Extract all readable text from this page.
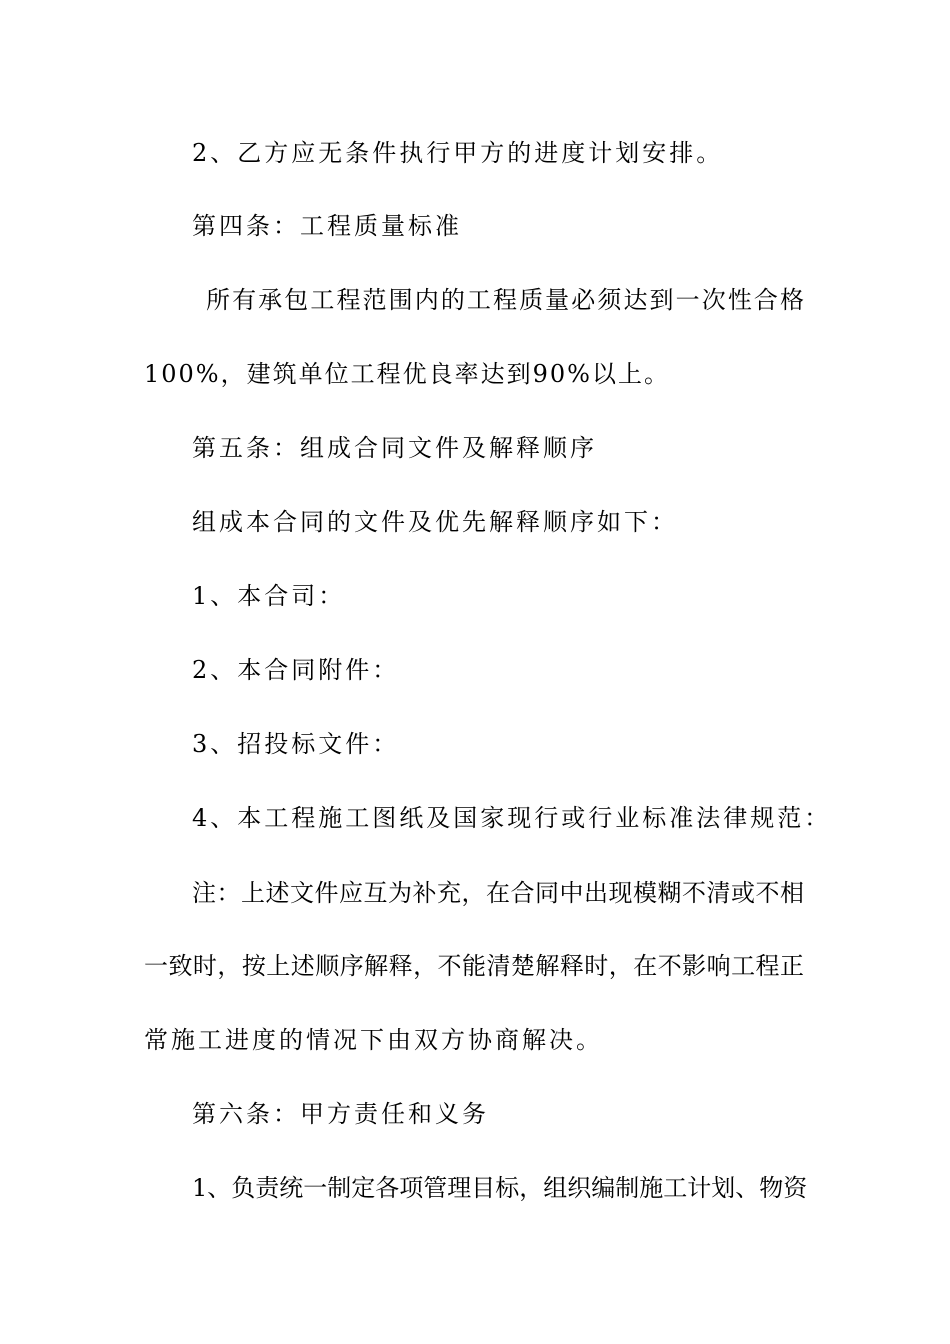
2、乙方应无条件执行甲方的进度计划安排。

第四条：工程质量标准

所有承包工程范围内的工程质量必须达到一次性合格

100%，建筑单位工程优良率达到90%以上。

第五条：组成合同文件及解释顺序

组成本合同的文件及优先解释顺序如下：

1、本合司：

2、本合同附件：

3、招投标文件：

4、本工程施工图纸及国家现行或行业标准法律规范：

注：上述文件应互为补充，在合同中出现模糊不清或不相

一致时，按上述顺序解释，不能清楚解释时，在不影响工程正

常施工进度的情况下由双方协商解决。

第六条：甲方责任和义务

1、负责统一制定各项管理目标，组织编制施工计划、物资
